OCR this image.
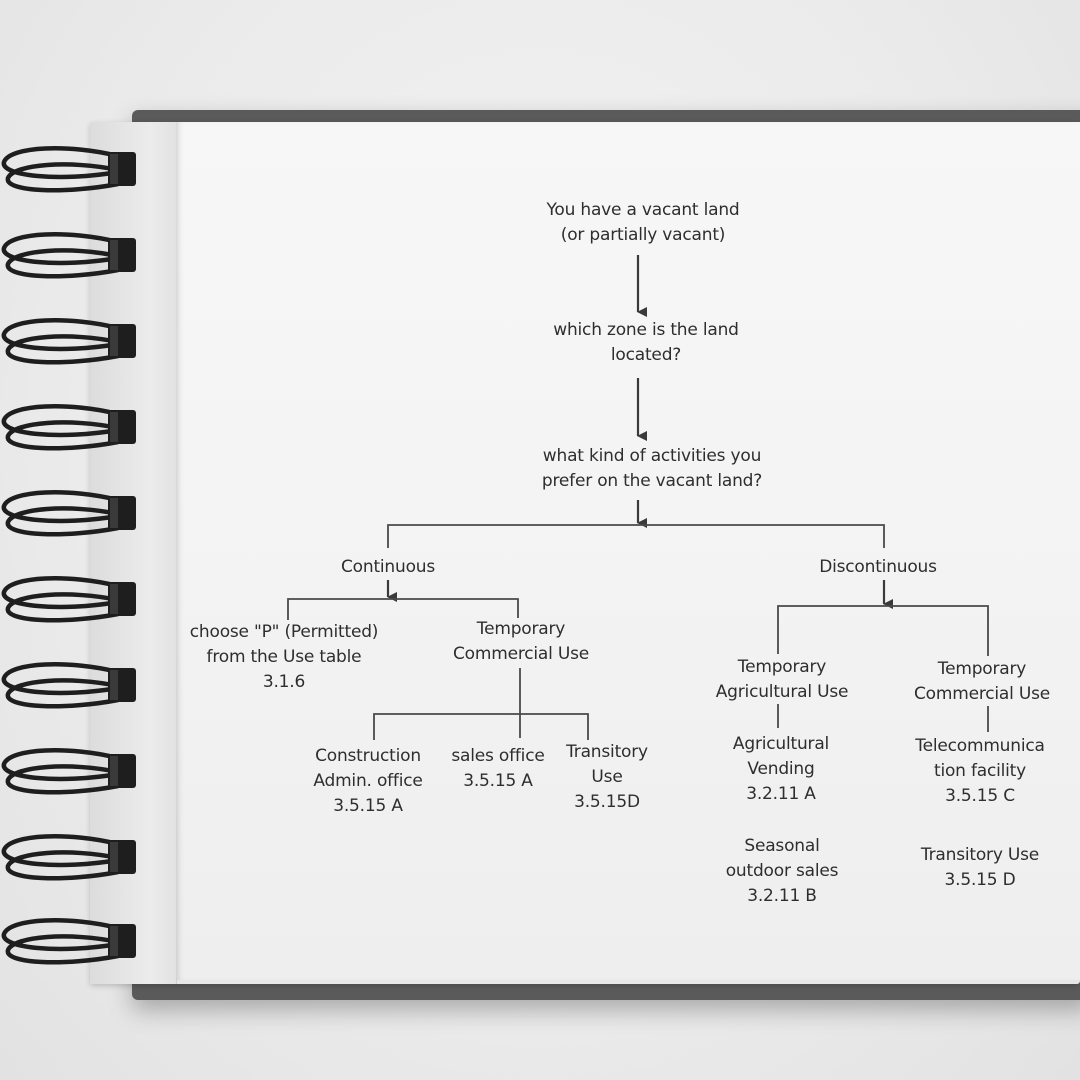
You have a vacant land
(or partially vacant)
which zone is the land
located?
what kind of activities you
prefer on the vacant land?
Continuous	Discontinuous
choose "P" (Permitted)
from the Use table
3.1.6
Temporary
Commercial Use
Construction
Admin. office
3.5.15 A
sales office
3.5.15 A
Transitory
Use
3.5.15D
Temporary
Agricultural Use
Temporary
Commercial Use
Agricultural
Vending
3.2.11 A
Seasonal
outdoor sales
3.2.11 B
Telecommunica
tion facility
3.5.15 C
Transitory Use
3.5.15 D
